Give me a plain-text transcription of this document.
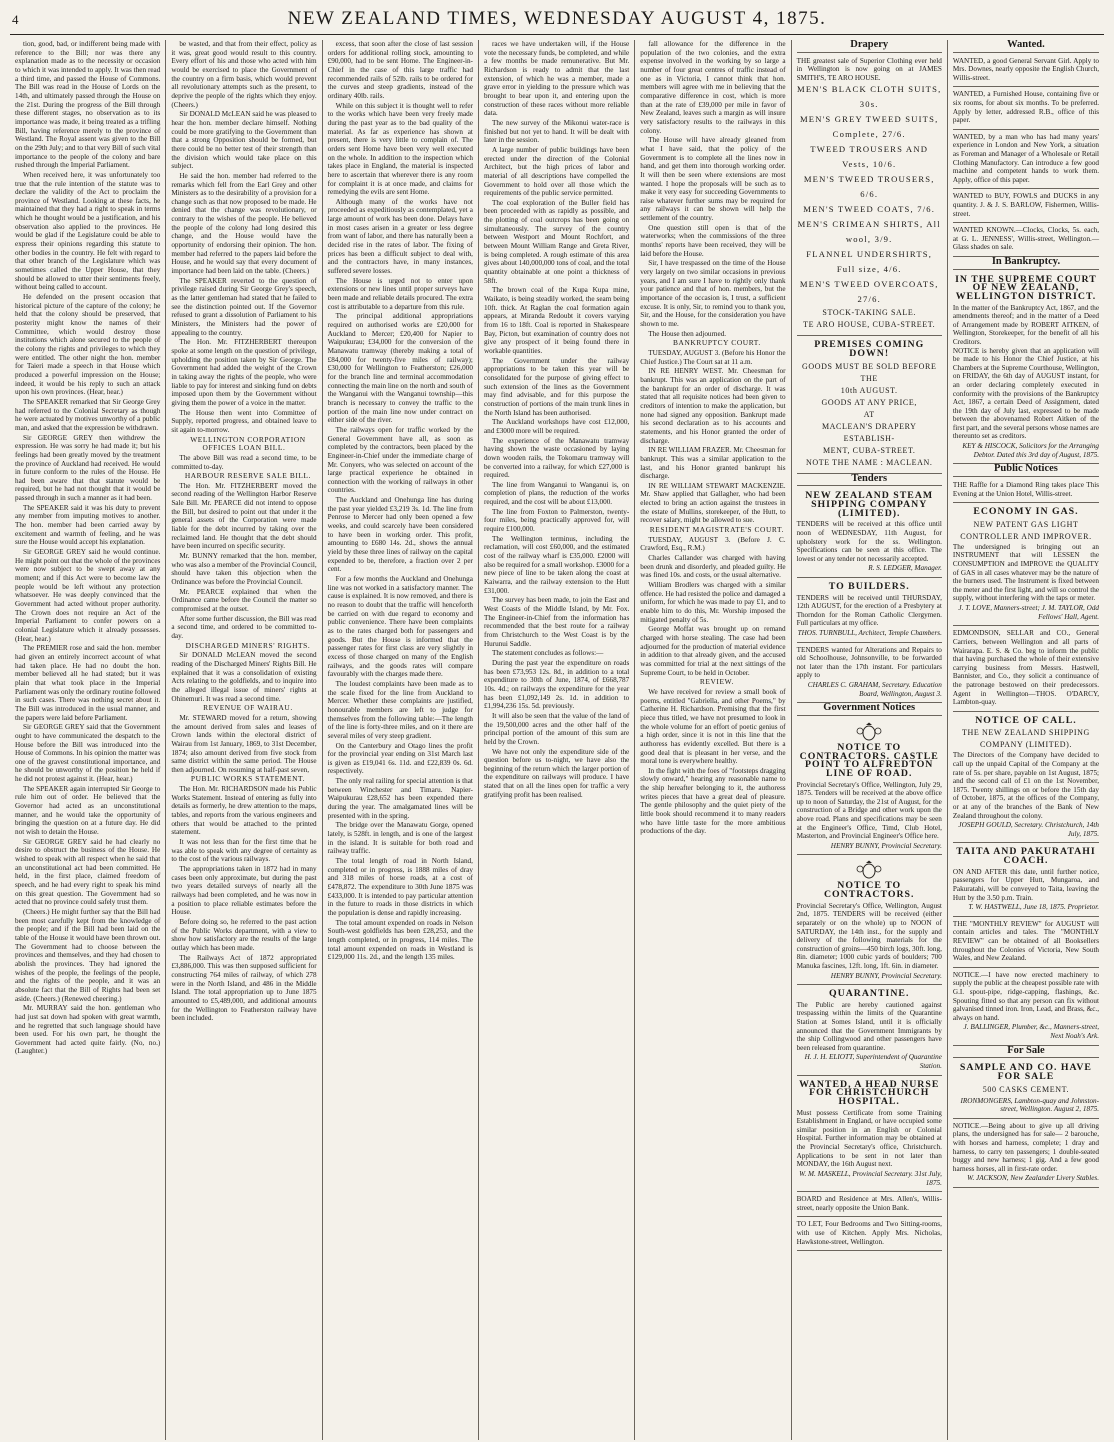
4	NEW ZEALAND TIMES, WEDNESDAY AUGUST 4, 1875.

tion, good, bad, or indifferent being made with reference to the Bill; nor was there any explanation made as to the necessity or occasion to which it was intended to apply. It was then read a third time, and passed the House of Commons. The Bill was read in the House of Lords on the 14th, and ultimately passed through the House on the 21st. During the progress of the Bill through these different stages, no observation as to its importance was made, it being treated as a trifling Bill, having reference merely to the province of Westland. The Royal assent was given to the Bill on the 29th July; and to that very Bill of such vital importance to the people of the colony and bare rushed through the Imperial Parliament.

When received here, it was unfortunately too true that the rule intention of the statute was to declare the validity of the Act to proclaim the province of Westland. Looking at these facts, he maintained that they had a right to speak in terms which he thought would be a justification, and his observation also applied to the provinces. He would be glad if the Legislature could be able to express their opinions regarding this statute to other bodies in the country. He felt with regard to that other branch of the Legislature which was sometimes called the Upper House, that they should be allowed to utter their sentiments freely, without being called to account.

He defended on the present occasion that historical picture of the capture of the colony; he held that the colony should be preserved, that posterity might know the names of their Committee, which would destroy those institutions which alone secured to the people of the colony the rights and privileges to which they were entitled. The other night the hon. member for Taieri made a speech in that House which produced a powerful impression on the House; indeed, it would be his reply to such an attack upon his own provinces. (Hear, hear.)

The SPEAKER remarked that Sir George Grey had referred to the Colonial Secretary as though he were actuated by motives unworthy of a public man, and asked that the expression be withdrawn.

Sir GEORGE GREY then withdrew the expression. He was sorry he had made it; but his feelings had been greatly moved by the treatment the province of Auckland had received. He would in future conform to the rules of the House. He had been aware that that statute would be required, but he had not thought that it would be passed through in such a manner as it had been.

The SPEAKER said it was his duty to prevent any member from imputing motives to another. The hon. member had been carried away by excitement and warmth of feeling, and he was sure the House would accept his explanation.

Sir GEORGE GREY said he would continue. He might point out that the whole of the provinces were now subject to be swept away at any moment; and if this Act were to become law the people would be left without any protection whatsoever. He was deeply convinced that the Government had acted without proper authority. The Crown does not require an Act of the Imperial Parliament to confer powers on a colonial Legislature which it already possesses. (Hear, hear.)

The PREMIER rose and said the hon. member had given an entirely incorrect account of what had taken place. He had no doubt the hon. member believed all he had stated; but it was plain that what took place in the Imperial Parliament was only the ordinary routine followed in such cases. There was nothing secret about it. The Bill was introduced in the usual manner, and the papers were laid before Parliament.

Sir GEORGE GREY said that the Government ought to have communicated the despatch to the House before the Bill was introduced into the House of Commons. In his opinion the matter was one of the gravest constitutional importance, and he should be unworthy of the position he held if he did not protest against it. (Hear, hear.)

The SPEAKER again interrupted Sir George to rule him out of order. He believed that the Governor had acted as an unconstitutional manner, and he would take the opportunity of bringing the question on at a future day. He did not wish to detain the House.

Sir GEORGE GREY said he had clearly no desire to obstruct the business of the House. He wished to speak with all respect when he said that an unconstitutional act had been committed. He held, in the first place, claimed freedom of speech, and he had every right to speak his mind on this great question. The Government had so acted that no province could safely trust them.

(Cheers.) He might further say that the Bill had been most carefully kept from the knowledge of the people; and if the Bill had been laid on the table of the House it would have been thrown out. The Government had to choose between the provinces and themselves, and they had chosen to abolish the provinces. They had ignored the wishes of the people, the feelings of the people, and the rights of the people, and it was an absolute fact that the Bill of Rights had been set aside. (Cheers.) (Renewed cheering.)

Mr. MURRAY said the hon. gentleman who had just sat down had spoken with great warmth, and he regretted that such language should have been used. For his own part, he thought the Government had acted quite fairly. (No, no.) (Laughter.)

be wasted, and that from their effect, policy as it was, great good would result to this country. Every effort of his and those who acted with him would be exercised to place the Government of the country on a firm basis, which would prevent all revolutionary attempts such as the present, to deprive the people of the rights which they enjoy. (Cheers.)

Sir DONALD McLEAN said he was pleased to hear the hon. member declare himself. Nothing could be more gratifying to the Government than that a strong Opposition should be formed, but there could be no better test of their strength than the division which would take place on this subject.

He said the hon. member had referred to the remarks which fell from the Earl Grey and other Ministers as to the desirability of a provision for a change such as that now proposed to be made. He denied that the change was revolutionary, or contrary to the wishes of the people. He believed the people of the colony had long desired this change, and the House would have the opportunity of endorsing their opinion. The hon. member had referred to the papers laid before the House, and he would say that every document of importance had been laid on the table. (Cheers.)

The SPEAKER reverted to the question of privilege raised during Sir George Grey's speech, as the latter gentleman had stated that he failed to see the distinction pointed out. If the Governor refused to grant a dissolution of Parliament to his Ministers, the Ministers had the power of appealing to the country.

The Hon. Mr. FITZHERBERT thereupon spoke at some length on the question of privilege, upholding the position taken by Sir George. The Government had added the weight of the Crown in taking away the rights of the people, who were liable to pay for interest and sinking fund on debts imposed upon them by the Government without giving them the power of a voice in the matter.

The House then went into Committee of Supply, reported progress, and obtained leave to sit again to-morrow.

WELLINGTON CORPORATION OFFICES LOAN BILL.

The above Bill was read a second time, to be committed to-day.

HARBOUR RESERVE SALE BILL.

The Hon. Mr. FITZHERBERT moved the second reading of the Wellington Harbor Reserve Sale Bill. Mr. PEARCE did not intend to oppose the Bill, but desired to point out that under it the general assets of the Corporation were made liable for the debt incurred by taking over the reclaimed land. He thought that the debt should have been incurred on specific security.

Mr. BUNNY remarked that the hon. member, who was also a member of the Provincial Council, should have taken this objection when the Ordinance was before the Provincial Council.

Mr. PEARCE explained that when the Ordinance came before the Council the matter so compromised at the outset.

After some further discussion, the Bill was read a second time, and ordered to be committed to-day.

DISCHARGED MINERS' RIGHTS.

Sir DONALD McLEAN moved the second reading of the Discharged Miners' Rights Bill. He explained that it was a consolidation of existing Acts relating to the goldfields, and to inquire into the alleged illegal issue of miners' rights at Ohinemuri. It was read a second time.

REVENUE OF WAIRAU.

Mr. STEWARD moved for a return, showing the amount derived from sales and leases of Crown lands within the electoral district of Wairau from 1st January, 1869, to 31st December, 1874; also amount derived from five stock from same district within the same period. The House then adjourned. On resuming at half-past seven,

PUBLIC WORKS STATEMENT.

The Hon. Mr. RICHARDSON made his Public Works Statement. Instead of entering as fully into details as formerly, he drew attention to the maps, tables, and reports from the various engineers and others that would be attached to the printed statement.

It was not less than for the first time that he was able to speak with any degree of certainty as to the cost of the various railways.

The appropriations taken in 1872 had in many cases been only approximate, but during the past two years detailed surveys of nearly all the railways had been completed, and he was now in a position to place reliable estimates before the House.

Before doing so, he referred to the past action of the Public Works department, with a view to show how satisfactory are the results of the large outlay which has been made.

The Railways Act of 1872 appropriated £3,886,000. This was then supposed sufficient for constructing 764 miles of railway, of which 278 were in the North Island, and 486 in the Middle Island. The total appropriation up to June 1875 amounted to £5,489,000, and additional amounts for the Wellington to Featherston railway have been included.

excess, that soon after the close of last session orders for additional rolling stock, amounting to £90,000, had to be sent Home. The Engineer-in-Chief in the case of this large traffic had recommended rails of 52lb. rails to be ordered for the curves and steep gradients, instead of the ordinary 40lb. rails.

While on this subject it is thought well to refer to the works which have been very freely made during the past year as to the bad quality of the material. As far as experience has shown at present, there is very little to complain of. The orders sent Home have been very well executed on the whole. In addition to the inspection which takes place in England, the material is inspected here to ascertain that wherever there is any room for complaint it is at once made, and claims for remedying the evils are sent Home.

Although many of the works have not proceeded as expeditiously as contemplated, yet a large amount of work has been done. Delays have in most cases arisen in a greater or less degree from want of labor, and there has naturally been a decided rise in the rates of labor. The fixing of prices has been a difficult subject to deal with, and the contractors have, in many instances, suffered severe losses.

The House is urged not to enter upon extensions or new lines until proper surveys have been made and reliable details procured. The extra cost is attributable to a departure from this rule.

The principal additional appropriations required on authorised works are £20,000 for Auckland to Mercer; £20,400 for Napier to Waipukurau; £34,000 for the conversion of the Manawatu tramway (thereby making a total of £84,000 for twenty-five miles of railway); £30,000 for Wellington to Featherston; £26,000 for the branch line and terminal accommodation connecting the main line on the north and south of the Wanganui with the Wanganui township—this branch is necessary to convey the traffic to the portion of the main line now under contract on either side of the river.

The railways open for traffic worked by the General Government have all, as soon as completed by the contractors, been placed by the Engineer-in-Chief under the immediate charge of Mr. Conyers, who was selected on account of the large practical experience he obtained in connection with the working of railways in other countries.

The Auckland and Onehunga line has during the past year yielded £3,219 3s. 1d. The line from Penrose to Mercer had only been opened a few weeks, and could scarcely have been considered to have been in working order. This profit, amounting to £680 14s. 2d., shows the annual yield by these three lines of railway on the capital expended to be, therefore, a fraction over 2 per cent.

For a few months the Auckland and Onehunga line was not worked in a satisfactory manner. The cause is explained. It is now removed, and there is no reason to doubt that the traffic will henceforth be carried on with due regard to economy and public convenience. There have been complaints as to the rates charged both for passengers and goods. But the House is informed that the passenger rates for first class are very slightly in excess of those charged on many of the English railways, and the goods rates will compare favourably with the charges made there.

The loudest complaints have been made as to the scale fixed for the line from Auckland to Mercer. Whether these complaints are justified, honourable members are left to judge for themselves from the following table:—The length of the line is forty-three miles, and on it there are several miles of very steep gradient.

On the Canterbury and Otago lines the profit for the provincial year ending on 31st March last is given as £19,041 6s. 11d. and £22,839 0s. 6d. respectively.

The only real railing for special attention is that between Winchester and Timaru. Napier-Waipukurau £28,652 has been expended there during the year. The amalgamated lines will be presented with in the spring.

The bridge over the Manawatu Gorge, opened lately, is 528ft. in length, and is one of the largest in the island. It is suitable for both road and railway traffic.

The total length of road in North Island, completed or in progress, is 1888 miles of dray and 318 miles of horse roads, at a cost of £478,872. The expenditure to 30th June 1875 was £433,000. It is intended to pay particular attention in the future to roads in those districts in which the population is dense and rapidly increasing.

The total amount expended on roads in Nelson South-west goldfields has been £28,253, and the length completed, or in progress, 114 miles. The total amount expended on roads in Westland is £129,000 11s. 2d., and the length 135 miles.

races we have undertaken will, if the House vote the necessary funds, be completed, and while a few months be made remunerative. But Mr. Richardson is ready to admit that the last extension, of which he was a member, made a grave error in yielding to the pressure which was brought to bear upon it, and entering upon the construction of these races without more reliable data.

The new survey of the Mikonui water-race is finished but not yet to hand. It will be dealt with later in the session.

A large number of public buildings have been erected under the direction of the Colonial Architect, but the high prices of labor and material of all descriptions have compelled the Government to hold over all those which the requirements of the public service permitted.

The coal exploration of the Buller field has been proceeded with as rapidly as possible, and the plotting of coal outcrops has been going on simultaneously. The survey of the country between Westport and Mount Rochfort, and between Mount William Range and Greta River, is being completed. A rough estimate of this area gives about 140,000,000 tons of coal, and the total quantity obtainable at one point a thickness of 58ft.

The brown coal of the Kupa Kupa mine, Waikato, is being steadily worked, the seam being 10ft. thick. At Raglan the coal formation again appears, at Miranda Redoubt it covers varying from 16 to 18ft. Coal is reported in Shakespeare Bay, Picton, but examination of country does not give any prospect of it being found there in workable quantities.

The Government under the railway appropriations to be taken this year will be consolidated for the purpose of giving effect to such extension of the lines as the Government may find advisable, and for this purpose the construction of portions of the main trunk lines in the North Island has been authorised.

The Auckland workshops have cost £12,000, and £3000 more will be required.

The experience of the Manawatu tramway having shown the waste occasioned by laying down wooden rails, the Tokomaru tramway will be converted into a railway, for which £27,000 is required.

The line from Wanganui to Wanganui is, on completion of plans, the reduction of the works required, and the cost will be about £13,000.

The line from Foxton to Palmerston, twenty-four miles, being practically approved for, will require £100,000.

The Wellington terminus, including the reclamation, will cost £60,000, and the estimated cost of the railway wharf is £35,000. £2000 will also be required for a small workshop. £3000 for a new piece of line to be taken along the coast at Kaiwarra, and the railway extension to the Hutt £31,000.

The survey has been made, to join the East and West Coasts of the Middle Island, by Mr. Fox. The Engineer-in-Chief from the information has recommended that the best route for a railway from Christchurch to the West Coast is by the Hurunui Saddle.

The statement concludes as follows:—

During the past year the expenditure on roads has been £73,953 12s. 8d., in addition to a total expenditure to 30th of June, 1874, of £668,787 10s. 4d.; on railways the expenditure for the year has been £1,092,149 2s. 1d. in addition to £1,994,236 15s. 5d. previously.

It will also be seen that the value of the land of the 19,500,000 acres and the other half of the principal portion of the amount of this sum are held by the Crown.

We have not only the expenditure side of the question before us to-night, we have also the beginning of the return which the larger portion of the expenditure on railways will produce. I have stated that on all the lines open for traffic a very gratifying profit has been realised.

fall allowance for the difference in the population of the two colonies, and the extra expense involved in the working by so large a number of four great centres of traffic instead of one as in Victoria, I cannot think that hon. members will agree with me in believing that the comparative difference in cost, which is more than at the rate of £39,000 per mile in favor of New Zealand, leaves such a margin as will insure very satisfactory results to the railways in this colony.

The House will have already gleaned from what I have said, that the policy of the Government is to complete all the lines now in hand, and get them into thorough working order. It will then be seen where extensions are most wanted. I hope the proposals will be such as to make it very easy for succeeding Governments to raise whatever further sums may be required for any railways it can be shown will help the settlement of the country.

One question still open is that of the waterworks; when the commissions of the three months' reports have been received, they will be laid before the House.

Sir, I have trespassed on the time of the House very largely on two similar occasions in previous years, and I am sure I have to rightly only thank your patience and that of hon. members, but the importance of the occasion is, I trust, a sufficient excuse. It is only, Sir, to remind you to thank you, Sir, and the House, for the consideration you have shown to me.

The House then adjourned.

BANKRUPTCY COURT.

TUESDAY, AUGUST 3. (Before his Honor the Chief Justice.) The Court sat at 11 a.m.

IN RE HENRY WEST. Mr. Cheesman for bankrupt. This was an application on the part of the bankrupt for an order of discharge. It was stated that all requisite notices had been given to creditors of intention to make the application, but none had signed any opposition. Bankrupt made his second declaration as to his accounts and statements, and his Honor granted the order of discharge.

IN RE WILLIAM FRAZER. Mr. Cheesman for bankrupt. This was a similar application to the last, and his Honor granted bankrupt his discharge.

IN RE WILLIAM STEWART MACKENZIE. Mr. Shaw applied that Gallagher, who had been elected to bring an action against the trustees in the estate of Mullins, storekeeper, of the Hutt, to recover salary, might be allowed to sue.

RESIDENT MAGISTRATE'S COURT.

TUESDAY, AUGUST 3. (Before J. C. Crawford, Esq., R.M.)

Charles Callander was charged with having been drunk and disorderly, and pleaded guilty. He was fined 10s. and costs, or the usual alternative.

William Brodlers was charged with a similar offence. He had resisted the police and damaged a uniform, for which he was made to pay £1, and to enable him to do this, Mr. Worship imposed the mitigated penalty of 5s.

George Moffat was brought up on remand charged with horse stealing. The case had been adjourned for the production of material evidence in addition to that already given, and the accused was committed for trial at the next sittings of the Supreme Court, to be held in October.

REVIEW.

We have received for review a small book of poems, entitled "Gabriella, and other Poems," by Catherine H. Richardson. Premising that the first piece thus titled, we have not presumed to look in the whole volume for an effort of poetic genius of a high order, since it is not in this line that the authoress has evidently excelled. But there is a good deal that is pleasant in her verse, and the moral tone is everywhere healthy.

In the fight with the foes of "footsteps dragging slowly onward," hearing any reasonable name to the ship hereafter belonging to it, the authoress writes pieces that have a great deal of pleasure. The gentle philosophy and the quiet piety of the little book should recommend it to many readers who have little taste for the more ambitious productions of the day.

Drapery
THE greatest sale of Superior Clothing ever held in Wellington is now going on at JAMES SMITH'S, TE ARO HOUSE.
MEN'S BLACK CLOTH SUITS, 30s.
MEN'S GREY TWEED SUITS, Complete, 27/6.
TWEED TROUSERS AND Vests, 10/6.
MEN'S TWEED TROUSERS, 6/6.
MEN'S TWEED COATS, 7/6.
MEN'S CRIMEAN SHIRTS, All wool, 3/9.
FLANNEL UNDERSHIRTS, Full size, 4/6.
MEN'S TWEED OVERCOATS, 27/6.
STOCK-TAKING SALE.
TE ARO HOUSE, CUBA-STREET.
PREMISES COMING DOWN!
GOODS MUST BE SOLD BEFORE THE
10th AUGUST.
GOODS AT ANY PRICE,
AT
MACLEAN'S DRAPERY ESTABLISH-
MENT, CUBA-STREET.
NOTE THE NAME : MACLEAN.
Tenders
NEW ZEALAND STEAM SHIPPING COMPANY (LIMITED).
TENDERS will be received at this office until noon of WEDNESDAY, 11th August, for upholstery work for the ss. Wellington. Specifications can be seen at this office. The lowest or any tender not necessarily accepted.
R. S. LEDGER, Manager.
TO BUILDERS.
TENDERS will be received until THURSDAY, 12th AUGUST, for the erection of a Presbytery at Thorndon for the Roman Catholic Clergymen. Full particulars at my office.
THOS. TURNBULL, Architect, Temple Chambers.
TENDERS wanted for Alterations and Repairs to old Schoolhouse, Johnsonville, to be forwarded not later than the 17th instant. For particulars apply to
CHARLES C. GRAHAM, Secretary. Education Board, Wellington, August 3.
Government Notices
NOTICE TO CONTRACTORS. CASTLE POINT TO ALFREDTON LINE OF ROAD.
Provincial Secretary's Office, Wellington, July 29, 1875. Tenders will be received at the above office up to noon of Saturday, the 21st of August, for the construction of a Bridge and other work upon the above road. Plans and specifications may be seen at the Engineer's Office, Timd, Club Hotel, Masterton, and Provincial Engineer's Office here.
HENRY BUNNY, Provincial Secretary.
NOTICE TO CONTRACTORS.
Provincial Secretary's Office, Wellington, August 2nd, 1875. TENDERS will be received (either separately or on the whole) up to NOON of SATURDAY, the 14th inst., for the supply and delivery of the following materials for the construction of groins—450 birch logs, 30ft. long, 8in. diameter; 1000 cubic yards of boulders; 700 Manuka fascines, 12ft. long, 1ft. 6in. in diameter.
HENRY BUNNY, Provincial Secretary.
QUARANTINE.
The Public are hereby cautioned against trespassing within the limits of the Quarantine Station at Somes Island, until it is officially announced that the Government Immigrants by the ship Collingwood and other passengers have been released from quarantine.
H. J. H. ELIOTT, Superintendent of Quarantine Station.
WANTED, A HEAD NURSE FOR CHRISTCHURCH HOSPITAL.
Must possess Certificate from some Training Establishment in England, or have occupied some similar position in an English or Colonial Hospital. Further information may be obtained at the Provincial Secretary's office, Christchurch. Applications to be sent in not later than MONDAY, the 16th August next.
W. M. MASKELL, Provincial Secretary. 31st July, 1875.
BOARD and Residence at Mrs. Allen's, Willis-street, nearly opposite the Union Bank.
TO LET, Four Bedrooms and Two Sitting-rooms, with use of Kitchen. Apply Mrs. Nicholas, Hawkstone-street, Wellington.
Wanted.
WANTED, a good General Servant Girl. Apply to Mrs. Downes, nearly opposite the English Church, Willis-street.
WANTED, a Furnished House, containing five or six rooms, for about six months. To be preferred. Apply by letter, addressed R.B., office of this paper.
WANTED, by a man who has had many years' experience in London and New York, a situation as Foreman and Manager of a Wholesale or Retail Clothing Manufactory. Can introduce a few good machine and competent hands to work them. Apply, office of this paper.
WANTED to BUY, FOWLS and DUCKS in any quantity. J. & J. S. BARLOW, Fishermen, Willis-street.
WANTED KNOWN.—Clocks, Clocks, 5s. each, at G. L. JENNESS', Willis-street, Wellington.—Glass shades on sale.
In Bankruptcy.
IN THE SUPREME COURT OF NEW ZEALAND, WELLINGTON DISTRICT.
In the matter of the Bankruptcy Act, 1867, and the amendments thereof; and in the matter of a Deed of Arrangement made by ROBERT AITKEN, of Wellington, Storekeeper, for the benefit of all his Creditors.
NOTICE is hereby given that an application will be made to his Honor the Chief Justice, at his Chambers at the Supreme Courthouse, Wellington, on FRIDAY, the 6th day of AUGUST instant, for an order declaring completely executed in conformity with the provisions of the Bankruptcy Act, 1867, a certain Deed of Assignment, dated the 19th day of July last, expressed to be made between the abovenamed Robert Aitken of the first part, and the several persons whose names are thereunto set as creditors.
KEY & HISCOCK, Solicitors for the Arranging Debtor. Dated this 3rd day of August, 1875.
Public Notices
THE Raffle for a Diamond Ring takes place This Evening at the Union Hotel, Willis-street.
ECONOMY IN GAS.
NEW PATENT GAS LIGHT CONTROLLER AND IMPROVER.
The undersigned is bringing out an INSTRUMENT that will LESSEN the CONSUMPTION and IMPROVE the QUALITY of GAS in all cases whatever may be the nature of the burners used. The Instrument is fixed between the meter and the first light, and will so control the supply, without interfering with the taps or meter.
J. T. LOVE, Manners-street; J. M. TAYLOR, Odd Fellows' Hall, Agent.
EDMONDSON, SELLAR and CO., General Carriers, between Wellington and all parts of Wairarapa. E. S. & Co. beg to inform the public that having purchased the whole of their extensive carrying business from Messrs. Hastwell, Bannister, and Co., they solicit a continuance of the patronage bestowed on their predecessors. Agent in Wellington—THOS. O'DARCY, Lambton-quay.
NOTICE OF CALL.
THE NEW ZEALAND SHIPPING COMPANY (LIMITED).
The Directors of the Company have decided to call up the unpaid Capital of the Company at the rate of 5s. per share, payable on 1st August, 1875; and the second call of £1 on the 1st November, 1875. Twenty shillings on or before the 15th day of October, 1875, at the offices of the Company, or at any of the branches of the Bank of New Zealand throughout the colony.
JOSEPH GOULD, Secretary. Christchurch, 14th July, 1875.
TAITA AND PAKURATAHI COACH.
ON AND AFTER this date, until further notice, passengers for Upper Hutt, Mungaroa, and Pakuratahi, will be conveyed to Taita, leaving the Hutt by the 3.50 p.m. Train.
T. W. HASTWELL, June 18, 1875. Proprietor.
THE "MONTHLY REVIEW" for AUGUST will contain articles and tales. The "MONTHLY REVIEW" can be obtained of all Booksellers throughout the Colonies of Victoria, New South Wales, and New Zealand.
NOTICE.—I have now erected machinery to supply the public at the cheapest possible rate with G.I. spout-pipe, ridge-capping, flashings, &c. Spouting fitted so that any person can fix without galvanised tinned iron. Iron, Lead, and Brass, &c., always on hand.
J. BALLINGER, Plumber, &c., Manners-street, Next Noah's Ark.
For Sale
SAMPLE AND CO. HAVE FOR SALE
500 CASKS CEMENT.
IRONMONGERS, Lambton-quay and Johnston-street, Wellington. August 2, 1875.
NOTICE.—Being about to give up all driving plans, the undersigned has for sale— 2 barouche, with horses and harness, complete; 1 dray and harness, to carry ten passengers; 1 double-seated buggy and new harness; 1 gig. And a few good harness horses, all in first-rate order.
W. JACKSON, New Zealander Livery Stables.
